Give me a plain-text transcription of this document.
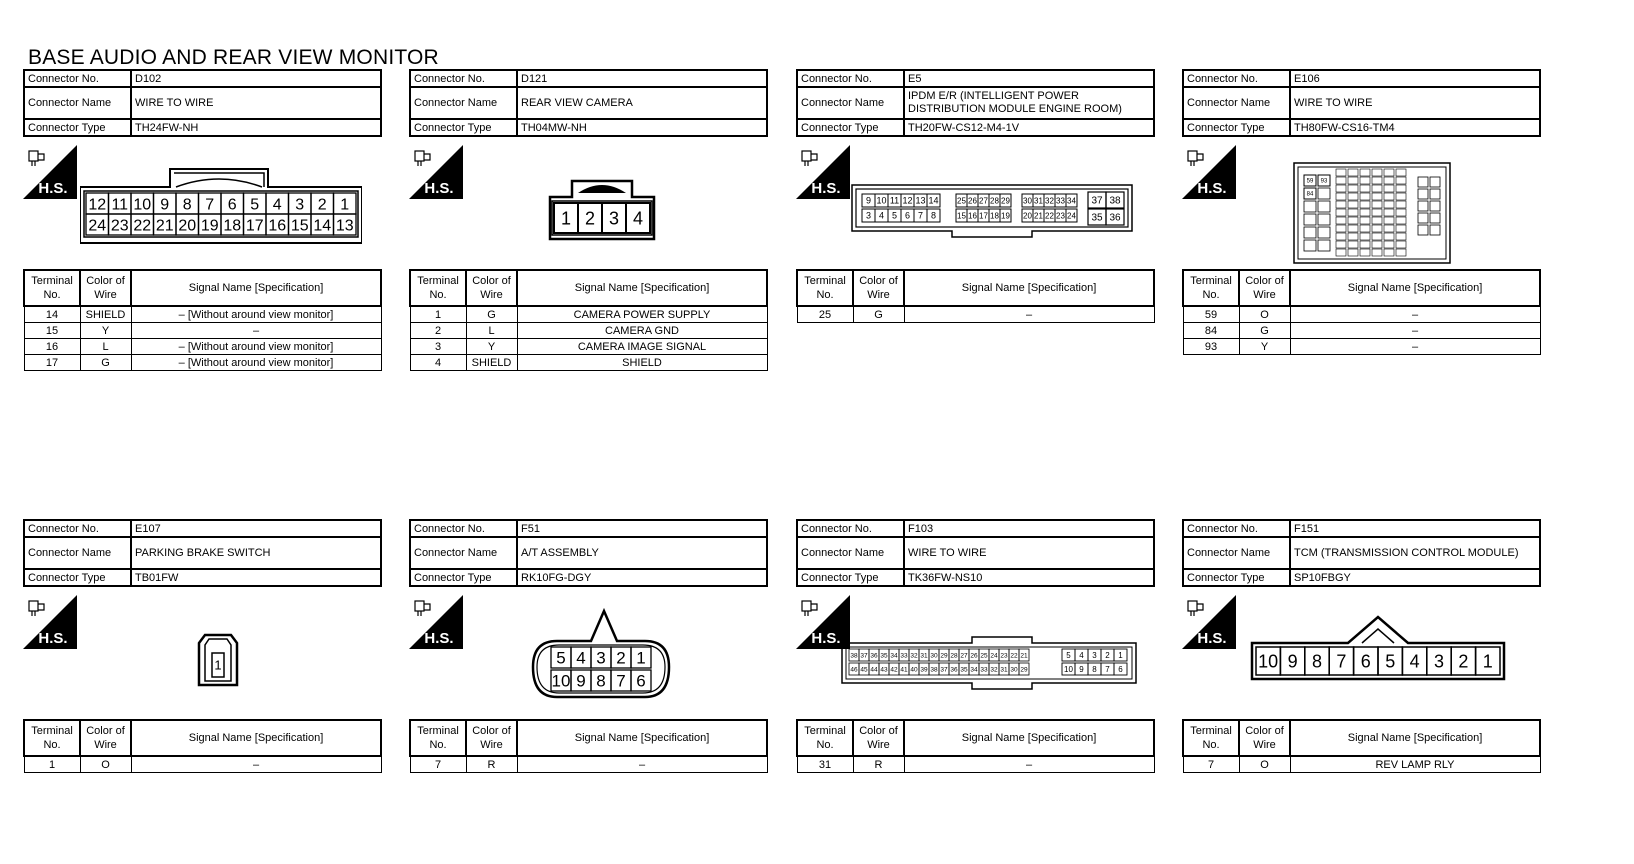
BASE AUDIO AND REAR VIEW MONITOR
Connector No.	D102
Connector Name	WIRE TO WIRE
Connector Type	TH24FW-NH
H.S.
12 11 10 9 8 7 6 5 4 3 2 1
24 23 22 21 20 19 18 17 16 15 14 13
Terminal No.	Color of Wire	Signal Name [Specification]
14	SHIELD	– [Without around view monitor]
15	Y	–
16	L	– [Without around view monitor]
17	G	– [Without around view monitor]
Connector No.	D121
Connector Name	REAR VIEW CAMERA
Connector Type	TH04MW-NH
H.S.
1 2 3 4
Terminal No.	Color of Wire	Signal Name [Specification]
1	G	CAMERA POWER SUPPLY
2	L	CAMERA GND
3	Y	CAMERA IMAGE SIGNAL
4	SHIELD	SHIELD
Connector No.	E5
Connector Name	IPDM E/R (INTELLIGENT POWER DISTRIBUTION MODULE ENGINE ROOM)
Connector Type	TH20FW-CS12-M4-1V
H.S.
9 10 11 12 13 14
3 4 5 6 7 8
25 26 27 28 29
15 16 17 18 19
30 31 32 33 34
20 21 22 23 24
37 38
35 36
Terminal No.	Color of Wire	Signal Name [Specification]
25	G	–
Connector No.	E106
Connector Name	WIRE TO WIRE
Connector Type	TH80FW-CS16-TM4
H.S.	59
84
93
Terminal No.	Color of Wire	Signal Name [Specification]
59	O	–
84	G	–
93	Y	–
Connector No.	E107
Connector Name	PARKING BRAKE SWITCH
Connector Type	TB01FW
H.S.
1
Terminal No.	Color of Wire	Signal Name [Specification]
1	O	–
Connector No.	F51
Connector Name	A/T ASSEMBLY
Connector Type	RK10FG-DGY
H.S.
5 4 3 2 1
10 9 8 7 6
Terminal No.	Color of Wire	Signal Name [Specification]
7	R	–
Connector No.	F103
Connector Name	WIRE TO WIRE
Connector Type	TK36FW-NS10
38 37 36 35 34 33 32 31 30 29 28 27 26 25 24 23 22 21
46 45 44 43 42 41 40 39 38 37 36 35 34 33 32 31 30 29
5 4 3 2 1
10 9 8 7 6
H.S.
Terminal No.	Color of Wire	Signal Name [Specification]
31	R	–
Connector No.	F151
Connector Name	TCM (TRANSMISSION CONTROL MODULE)
Connector Type	SP10FBGY
H.S.
10 9 8 7 6 5 4 3 2 1
Terminal No.	Color of Wire	Signal Name [Specification]
7	O	REV LAMP RLY
